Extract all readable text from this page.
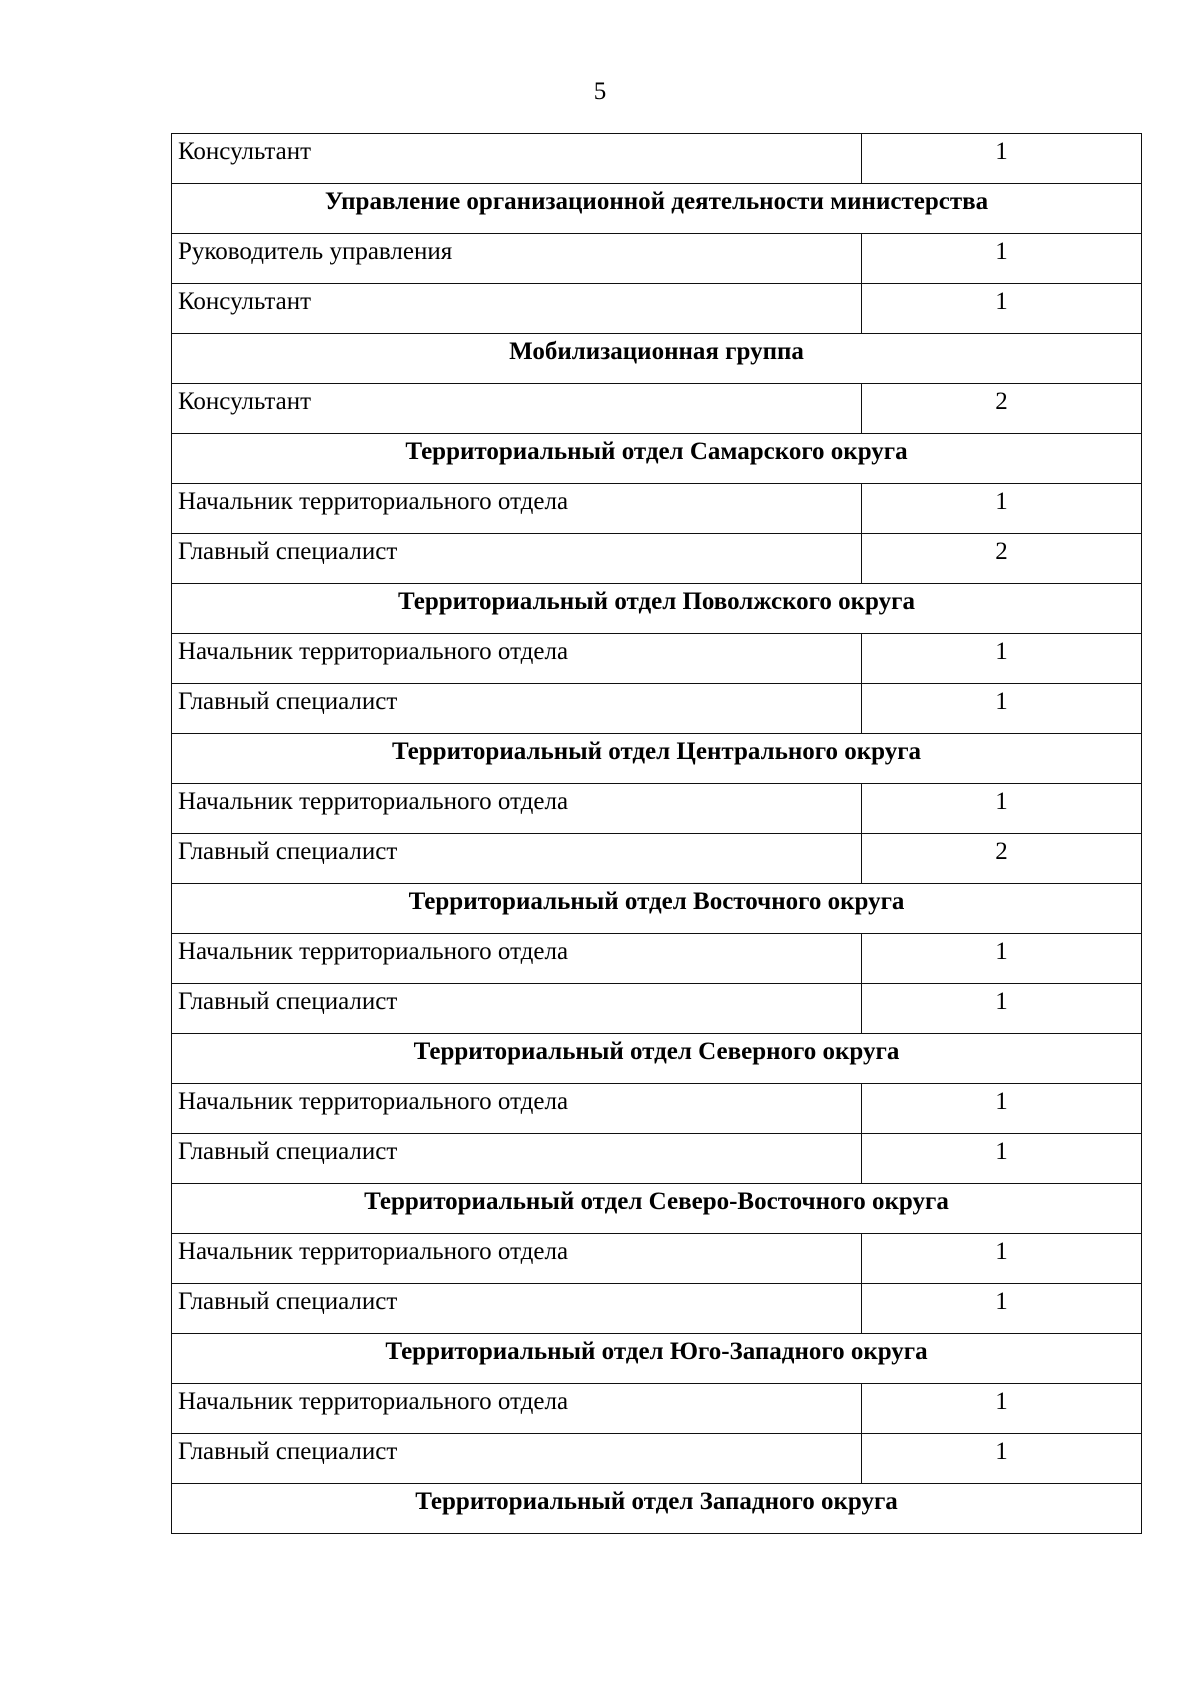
5
Консультант	1
Управление организационной деятельности министерства	
Руководитель управления	1
Консультант	1
Мобилизационная группа	
Консультант	2
Территориальный отдел Самарского округа	
Начальник территориального отдела	1
Главный специалист	2
Территориальный отдел Поволжского округа	
Начальник территориального отдела	1
Главный специалист	1
Территориальный отдел Центрального округа	
Начальник территориального отдела	1
Главный специалист	2
Территориальный отдел Восточного округа	
Начальник территориального отдела	1
Главный специалист	1
Территориальный отдел Северного округа	
Начальник территориального отдела	1
Главный специалист	1
Территориальный отдел Северо-Восточного округа	
Начальник территориального отдела	1
Главный специалист	1
Территориальный отдел Юго-Западного округа	
Начальник территориального отдела	1
Главный специалист	1
Территориальный отдел Западного округа	
